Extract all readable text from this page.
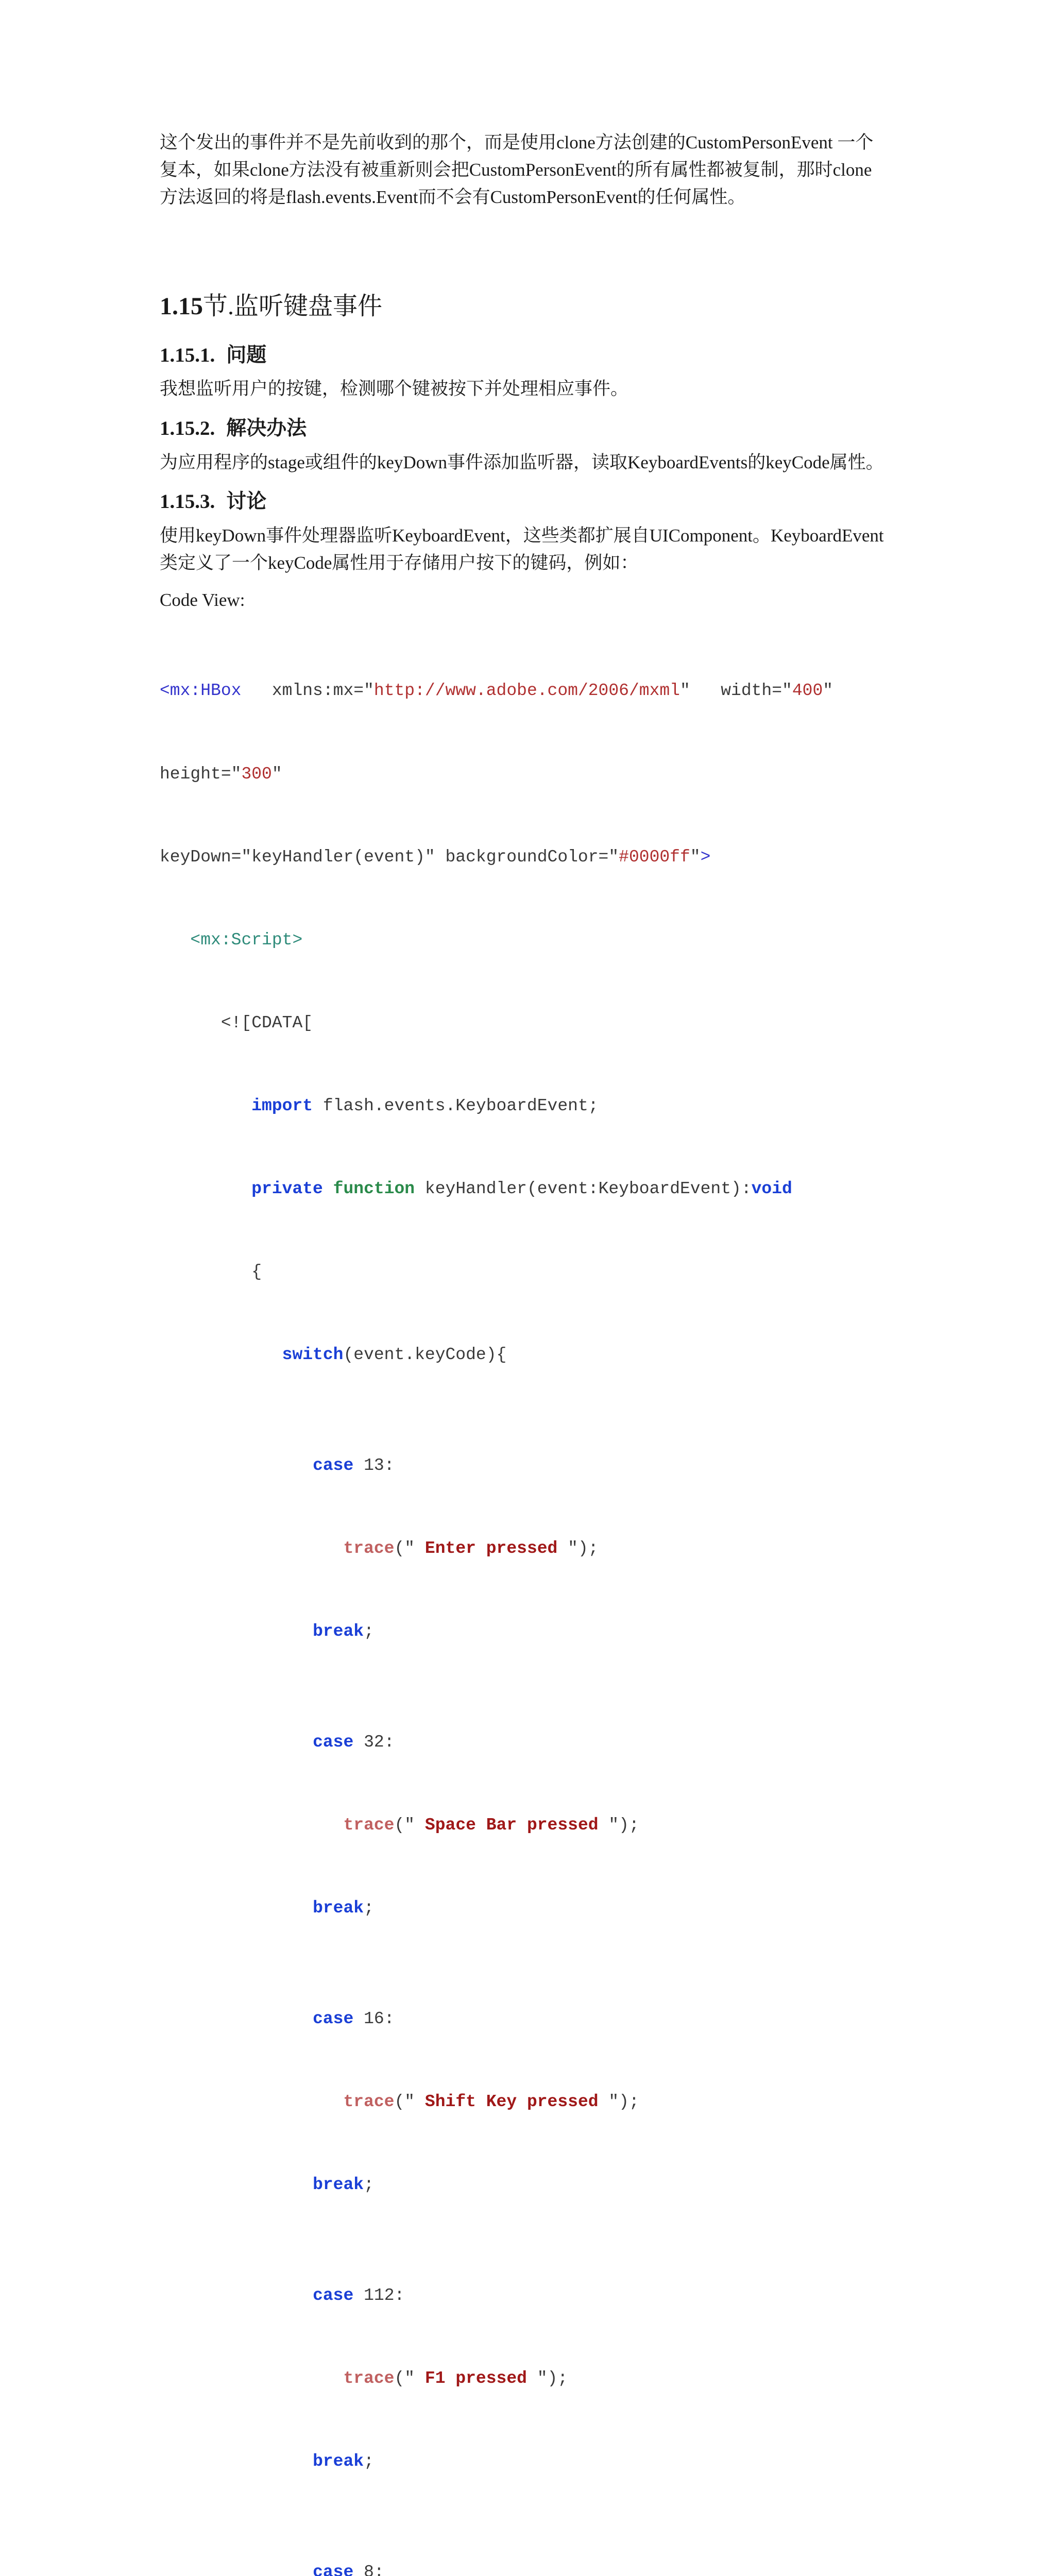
这个发出的事件并不是先前收到的那个，而是使用clone方法创建的CustomPersonEvent 一个

复本，如果clone方法没有被重新则会把CustomPersonEvent的所有属性都被复制，那时clone

方法返回的将是flash.events.Event而不会有CustomPersonEvent的任何属性。

1.15节.监听键盘事件
1.15.1. 问题

我想监听用户的按键，检测哪个键被按下并处理相应事件。

1.15.2. 解决办法

为应用程序的stage或组件的keyDown事件添加监听器，读取KeyboardEvents的keyCode属性。

1.15.3. 讨论

使用keyDown事件处理器监听KeyboardEvent，这些类都扩展自UIComponent。KeyboardEvent

类定义了一个keyCode属性用于存储用户按下的键码，例如：

Code View:

<mx:HBox   xmlns:mx="http://www.adobe.com/2006/mxml"   width="400"

height="300"

keyDown="keyHandler(event)" backgroundColor="#0000ff">

<mx:Script>

<![CDATA[

import flash.events.KeyboardEvent;

private function keyHandler(event:KeyboardEvent):void

{

switch(event.keyCode){

case 13:

trace(" Enter pressed ");

break;

case 32:

trace(" Space Bar pressed ");

break;

case 16:

trace(" Shift Key pressed ");

break;

case 112:

trace(" F1 pressed ");

break;

case 8:
